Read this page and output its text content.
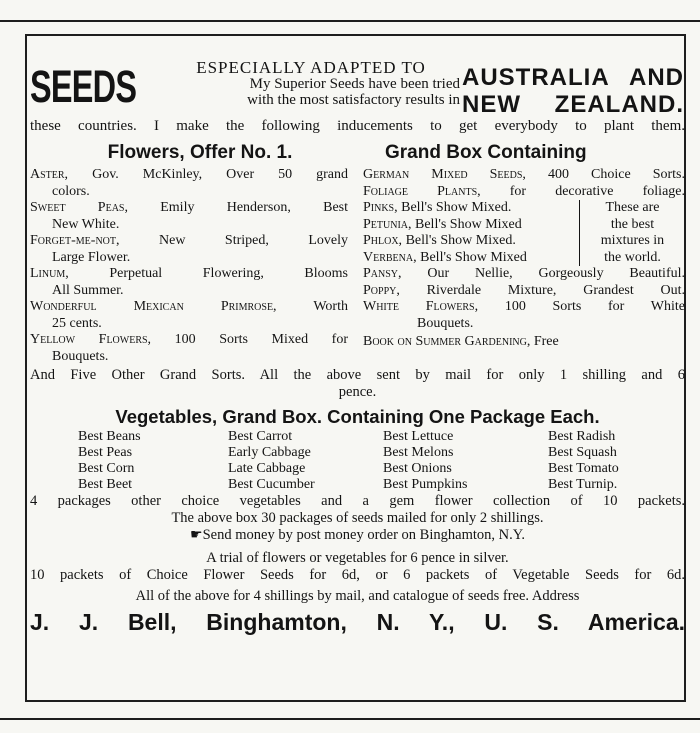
SEEDS	ESPECIALLY ADAPTED TO
My Superior Seeds have been tried
with the most satisfactory results in
AUSTRALIA AND
NEW ZEALAND.
these countries. I make the following inducements to get everybody to plant them.
Flowers, Offer No. 1.	Grand Box Containing
Aster, Gov. McKinley, Over 50 grand
colors.
Sweet Peas, Emily Henderson, Best
New White.
Forget-me-not,	New Striped, Lovely
Large Flower.
Linum,	Perpetual Flowering, Blooms
All Summer.
Wonderful Mexican Primrose,	Worth
25 cents.
Yellow Flowers, 100 Sorts Mixed for
Bouquets.
German Mixed Seeds, 400 Choice Sorts.
Foliage Plants, for decorative foliage.
Pinks, Bell's Show Mixed.
Petunia, Bell's Show Mixed
Phlox, Bell's Show Mixed.
Verbena, Bell's Show Mixed
These are
the best
mixtures in
the world.
Pansy, Our Nellie, Gorgeously Beautiful.
Poppy, Riverdale Mixture, Grandest Out.
White Flowers, 100 Sorts for White
Bouquets.
Book on Summer Gardening, Free
And Five Other Grand Sorts. All the above sent by mail for only 1 shilling and 6
pence.
Vegetables, Grand Box. Containing One Package Each.
Best Beans	Best Carrot	Best Lettuce	Best Radish
Best Peas	Early Cabbage	Best Melons	Best Squash
Best Corn	Late Cabbage	Best Onions	Best Tomato
Best Beet	Best Cucumber	Best Pumpkins	Best Turnip.
4 packages other choice vegetables and a gem flower collection of 10 packets.
The above box 30 packages of seeds mailed for only 2 shillings.
☛Send money by post money order on Binghamton, N.Y.
A trial of flowers or vegetables for 6 pence in silver.
10 packets of Choice Flower Seeds for 6d, or 6 packets of Vegetable Seeds for 6d.
All of the above for 4 shillings by mail, and catalogue of seeds free. Address
J. J. Bell, Binghamton, N. Y., U. S. America.
